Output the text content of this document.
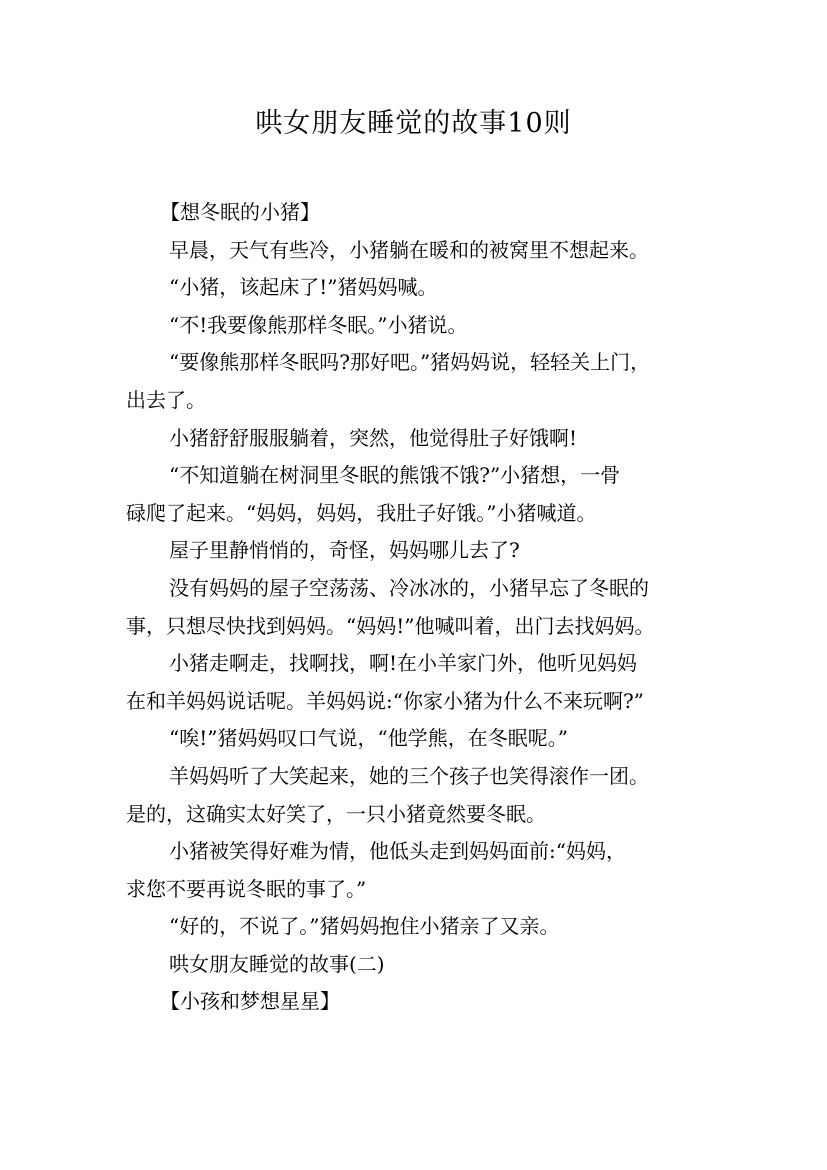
哄女朋友睡觉的故事10则
【想冬眠的小猪】
早晨，天气有些冷，小猪躺在暖和的被窝里不想起来。
“小猪，该起床了!”猪妈妈喊。
“不!我要像熊那样冬眠。”小猪说。
“要像熊那样冬眠吗?那好吧。”猪妈妈说，轻轻关上门，
出去了。
小猪舒舒服服躺着，突然，他觉得肚子好饿啊!
“不知道躺在树洞里冬眠的熊饿不饿?”小猪想，一骨
碌爬了起来。“妈妈，妈妈，我肚子好饿。”小猪喊道。
屋子里静悄悄的，奇怪，妈妈哪儿去了?
没有妈妈的屋子空荡荡、冷冰冰的，小猪早忘了冬眠的
事，只想尽快找到妈妈。“妈妈!”他喊叫着，出门去找妈妈。
小猪走啊走，找啊找，啊!在小羊家门外，他听见妈妈
在和羊妈妈说话呢。羊妈妈说:“你家小猪为什么不来玩啊?”
“唉!”猪妈妈叹口气说，“他学熊，在冬眠呢。”
羊妈妈听了大笑起来，她的三个孩子也笑得滚作一团。
是的，这确实太好笑了，一只小猪竟然要冬眠。
小猪被笑得好难为情，他低头走到妈妈面前:“妈妈，
求您不要再说冬眠的事了。”
“好的，不说了。”猪妈妈抱住小猪亲了又亲。
哄女朋友睡觉的故事(二)
【小孩和梦想星星】
